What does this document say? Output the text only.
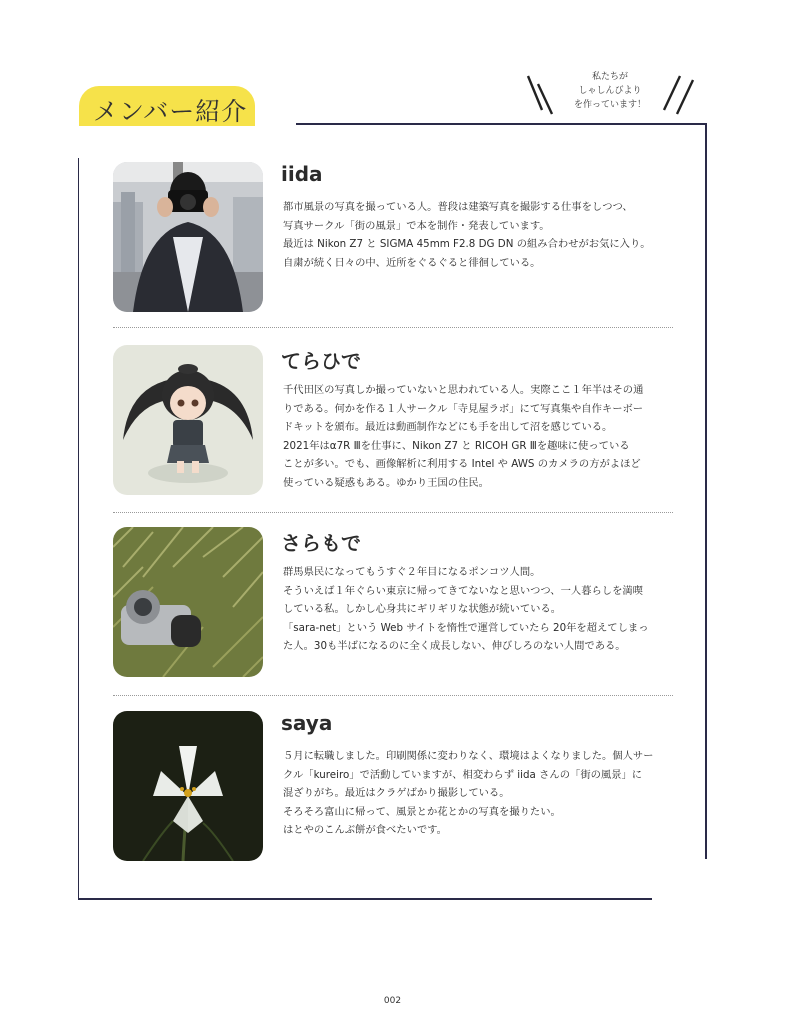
メンバー紹介
私たちが
しゃしんびより
を作っています！
iida
都市風景の写真を撮っている人。普段は建築写真を撮影する仕事をしつつ、
写真サークル「街の風景」で本を制作・発表しています。
最近は Nikon Z7 と SIGMA 45mm F2.8 DG DN の組み合わせがお気に入り。
自粛が続く日々の中、近所をぐるぐると徘徊している。
てらひで
千代田区の写真しか撮っていないと思われている人。実際ここ１年半はその通
りである。何かを作る１人サークル「寺見屋ラボ」にて写真集や自作キーボー
ドキットを頒布。最近は動画制作などにも手を出して沼を感じている。
2021年はα7R Ⅲを仕事に、Nikon Z7 と RICOH GR Ⅲを趣味に使っている
ことが多い。でも、画像解析に利用する Intel や AWS のカメラの方がよほど
使っている疑惑もある。ゆかり王国の住民。
さらもで
群馬県民になってもうすぐ２年目になるポンコツ人間。
そういえば１年ぐらい東京に帰ってきてないなと思いつつ、一人暮らしを満喫
している私。しかし心身共にギリギリな状態が続いている。
「sara-net」という Web サイトを惰性で運営していたら 20年を超えてしまっ
た人。30も半ばになるのに全く成長しない、伸びしろのない人間である。
saya
５月に転職しました。印刷関係に変わりなく、環境はよくなりました。個人サー
クル「kureiro」で活動していますが、相変わらず iida さんの「街の風景」に
混ざりがち。最近はクラゲばかり撮影している。
そろそろ富山に帰って、風景とか花とかの写真を撮りたい。
はとやのこんぶ餅が食べたいです。
002
